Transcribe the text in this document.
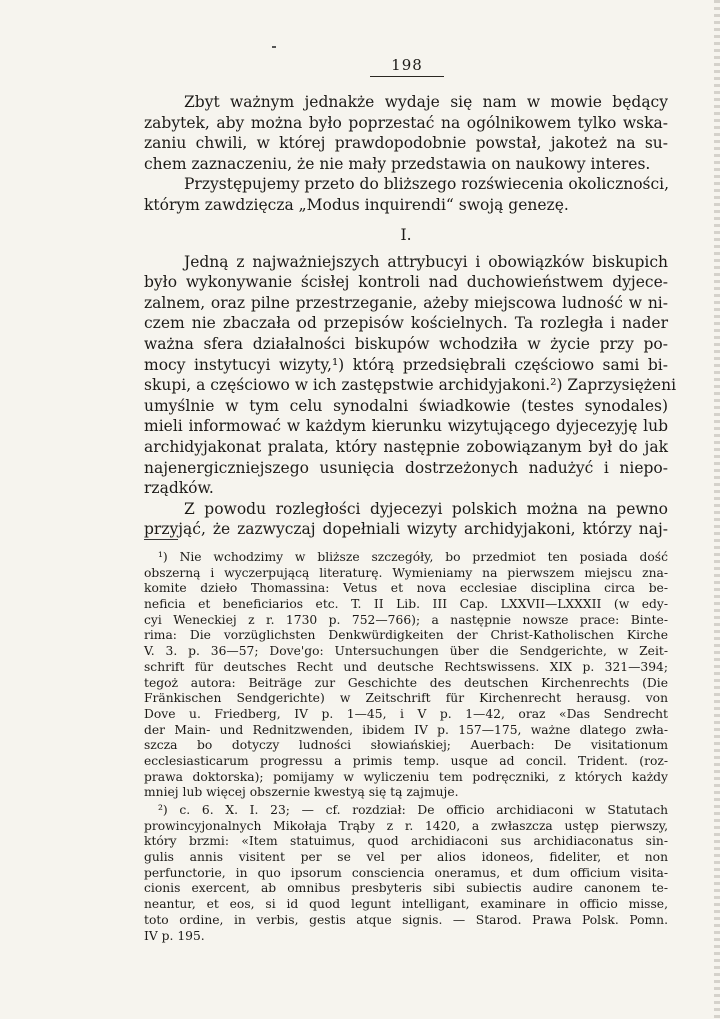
198
Zbyt ważnym jednakże wydaje się nam w mowie będący
zabytek, aby można było poprzestać na ogólnikowem tylko wska-
zaniu chwili, w której prawdopodobnie powstał, jakoteż na su-
chem zaznaczeniu, że nie mały przedstawia on naukowy interes.
Przystępujemy przeto do bliższego rozświecenia okoliczności,
którym zawdzięcza „Modus inquirendi“ swoją genezę.
I.
Jedną z najważniejszych attrybucyi i obowiązków biskupich
było wykonywanie ścisłej kontroli nad duchowieństwem dyjece-
zalnem, oraz pilne przestrzeganie, ażeby miejscowa ludność w ni-
czem nie zbaczała od przepisów kościelnych. Ta rozległa i nader
ważna sfera działalności biskupów wchodziła w życie przy po-
mocy instytucyi wizyty,¹) którą przedsiębrali częściowo sami bi-
skupi, a częściowo w ich zastępstwie archidyjakoni.²) Zaprzysiężeni
umyślnie w tym celu synodalni świadkowie (testes synodales)
mieli informować w każdym kierunku wizytującego dyjecezyję lub
archidyjakonat pralata, który następnie zobowiązanym był do jak
najenergiczniejszego usunięcia dostrzeżonych nadużyć i niepo-
rządków.
Z powodu rozległości dyjecezyi polskich można na pewno
przyjąć, że zazwyczaj dopełniali wizyty archidyjakoni, którzy naj-
¹) Nie wchodzimy w bliższe szczegóły, bo przedmiot ten posiada dość
obszerną i wyczerpującą literaturę. Wymieniamy na pierwszem miejscu zna-
komite dzieło Thomassina: Vetus et nova ecclesiae disciplina circa be-
neficia et beneficiarios etc. T. II Lib. III Cap. LXXVII—LXXXII (w edy-
cyi Weneckiej z r. 1730 p. 752—766); a następnie nowsze prace: Binte-
rima: Die vorzüglichsten Denkwürdigkeiten der Christ-Katholischen Kirche
V. 3. p. 36—57; Dove'go: Untersuchungen über die Sendgerichte, w Zeit-
schrift für deutsches Recht und deutsche Rechtswissens. XIX p. 321—394;
tegoż autora: Beiträge zur Geschichte des deutschen Kirchenrechts (Die
Fränkischen Sendgerichte) w Zeitschrift für Kirchenrecht herausg. von
Dove u. Friedberg, IV p. 1—45, i V p. 1—42, oraz «Das Sendrecht
der Main- und Rednitzwenden, ibidem IV p. 157—175, ważne dlatego zwła-
szcza bo dotyczy ludności słowiańskiej; Auerbach: De visitationum
ecclesiasticarum progressu a primis temp. usque ad concil. Trident. (roz-
prawa doktorska); pomijamy w wyliczeniu tem podręczniki, z których każdy
mniej lub więcej obszernie kwestyą się tą zajmuje.
²) c. 6. X. I. 23; — cf. rozdział: De officio archidiaconi w Statutach
prowincyjonalnych Mikołaja Trąby z r. 1420, a zwłaszcza ustęp pierwszy,
który brzmi: «Item statuimus, quod archidiaconi sus archidiaconatus sin-
gulis annis visitent per se vel per alios idoneos, fideliter, et non
perfunctorie, in quo ipsorum consciencia oneramus, et dum officium visita-
cionis exercent, ab omnibus presbyteris sibi subiectis audire canonem te-
neantur, et eos, si id quod legunt intelligant, examinare in officio misse,
toto ordine, in verbis, gestis atque signis. — Starod. Prawa Polsk. Pomn.
IV p. 195.
